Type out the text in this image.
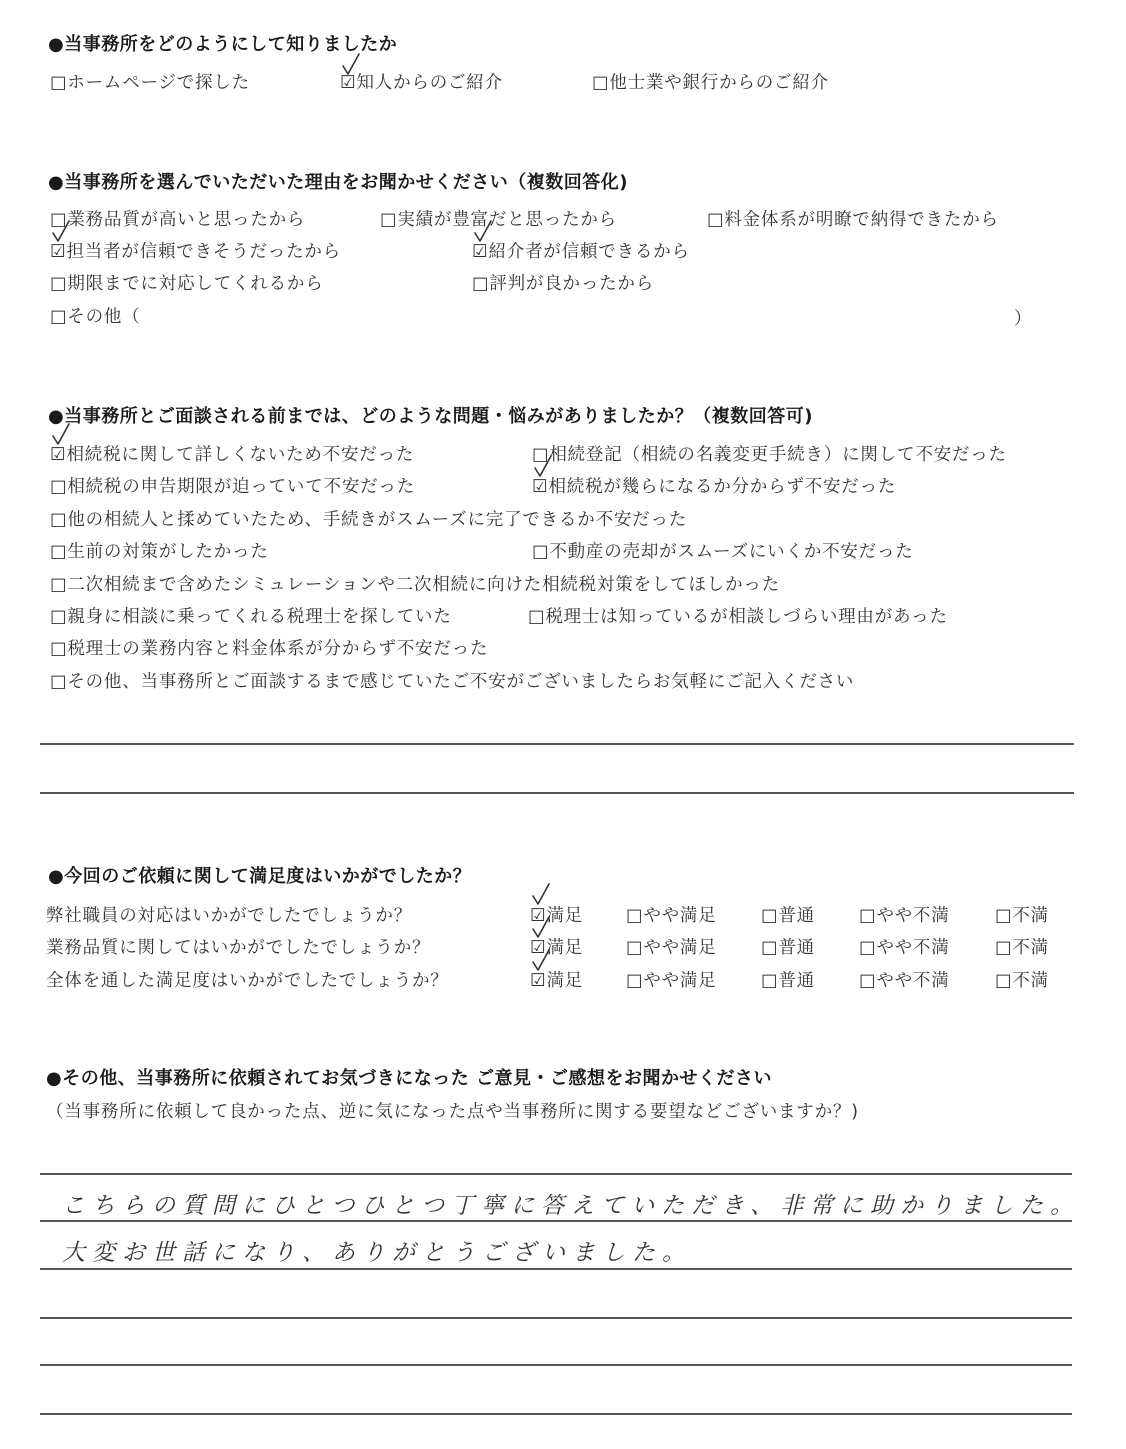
●当事務所をどのようにして知りましたか
□ホームページで探した	☑知人からのご紹介	□他士業や銀行からのご紹介
●当事務所を選んでいただいた理由をお聞かせください（複数回答化)
□業務品質が高いと思ったから	□実績が豊富だと思ったから	□料金体系が明瞭で納得できたから
☑担当者が信頼できそうだったから	☑紹介者が信頼できるから
□期限までに対応してくれるから	□評判が良かったから
□その他（	）
●当事務所とご面談される前までは、どのような問題・悩みがありましたか？（複数回答可)
☑相続税に関して詳しくないため不安だった	□相続登記（相続の名義変更手続き）に関して不安だった
□相続税の申告期限が迫っていて不安だった	☑相続税が幾らになるか分からず不安だった
□他の相続人と揉めていたため、手続きがスムーズに完了できるか不安だった
□生前の対策がしたかった	□不動産の売却がスムーズにいくか不安だった
□二次相続まで含めたシミュレーションや二次相続に向けた相続税対策をしてほしかった
□親身に相談に乗ってくれる税理士を探していた	□税理士は知っているが相談しづらい理由があった
□税理士の業務内容と料金体系が分からず不安だった
□その他、当事務所とご面談するまで感じていたご不安がございましたらお気軽にご記入ください
●今回のご依頼に関して満足度はいかがでしたか？
弊社職員の対応はいかがでしたでしょうか？	☑満足 □やや満足	□普通	□やや不満	□不満
業務品質に関してはいかがでしたでしょうか？	☑満足 □やや満足	□普通	□やや不満	□不満
全体を通した満足度はいかがでしたでしょうか？	☑満足 □やや満足	□普通	□やや不満	□不満
●その他、当事務所に依頼されてお気づきになった ご意見・ご感想をお聞かせください
（当事務所に依頼して良かった点、逆に気になった点や当事務所に関する要望などございますか？)
こちらの質問にひとつひとつ丁寧に答えていただき、非常に助かりました。
大変お世話になり、ありがとうございました。
